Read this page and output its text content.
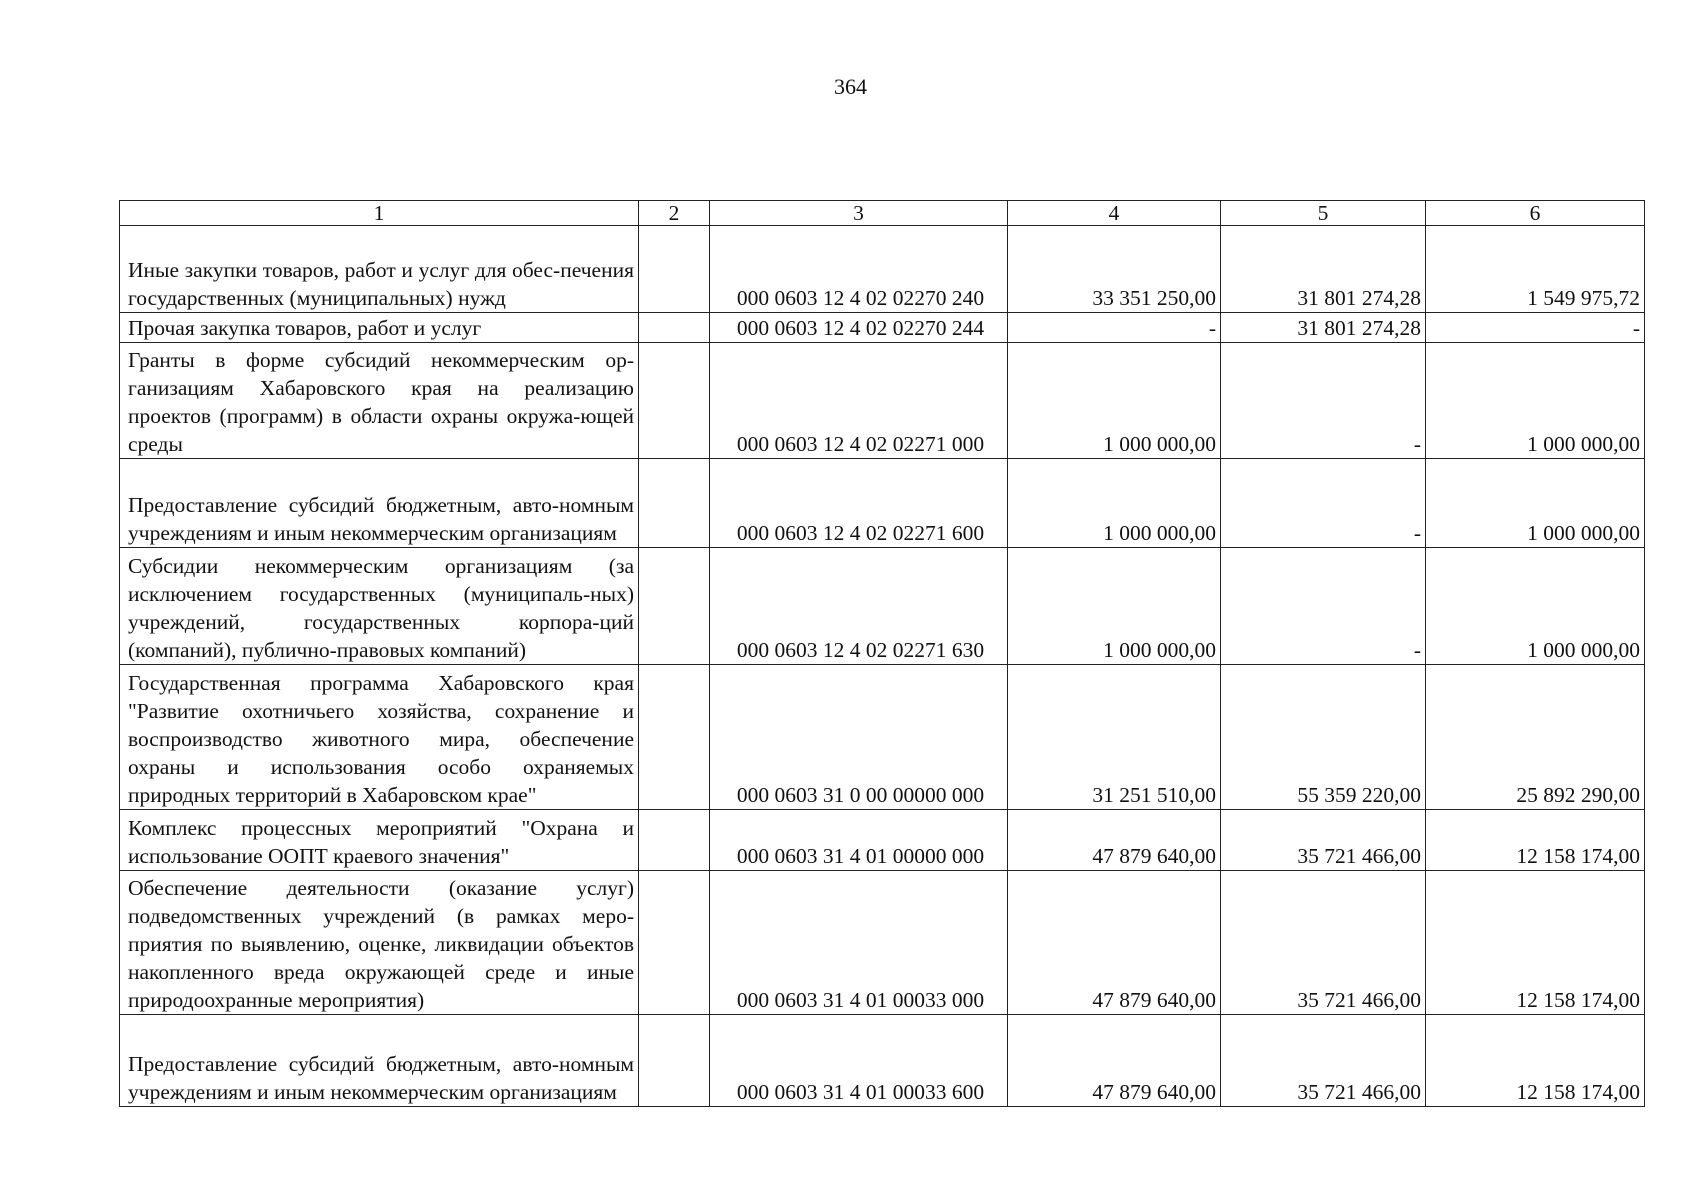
364
1	2	3	4	5	6
Иные закупки товаров, работ и услуг для обес-печения государственных (муниципальных) нужд		000 0603 12 4 02 02270 240	33 351 250,00	31 801 274,28	1 549 975,72
Прочая закупка товаров, работ и услуг		000 0603 12 4 02 02270 244	-	31 801 274,28	-
Гранты в форме субсидий некоммерческим ор-ганизациям Хабаровского края на реализацию проектов (программ) в области охраны окружа-ющей среды		000 0603 12 4 02 02271 000	1 000 000,00	-	1 000 000,00
Предоставление субсидий бюджетным, авто-номным учреждениям и иным некоммерческим организациям		000 0603 12 4 02 02271 600	1 000 000,00	-	1 000 000,00
Субсидии некоммерческим организациям (за исключением государственных (муниципаль-ных) учреждений, государственных корпора-ций (компаний), публично-правовых компаний)		000 0603 12 4 02 02271 630	1 000 000,00	-	1 000 000,00
Государственная программа Хабаровского края "Развитие охотничьего хозяйства, сохранение и воспроизводство животного мира, обеспечение охраны и использования особо охраняемых природных территорий в Хабаровском крае"		000 0603 31 0 00 00000 000	31 251 510,00	55 359 220,00	25 892 290,00
Комплекс процессных мероприятий "Охрана и использование ООПТ краевого значения"		000 0603 31 4 01 00000 000	47 879 640,00	35 721 466,00	12 158 174,00
Обеспечение деятельности (оказание услуг) подведомственных учреждений (в рамках меро-приятия по выявлению, оценке, ликвидации объектов накопленного вреда окружающей среде и иные природоохранные мероприятия)		000 0603 31 4 01 00033 000	47 879 640,00	35 721 466,00	12 158 174,00
Предоставление субсидий бюджетным, авто-номным учреждениям и иным некоммерческим организациям		000 0603 31 4 01 00033 600	47 879 640,00	35 721 466,00	12 158 174,00
